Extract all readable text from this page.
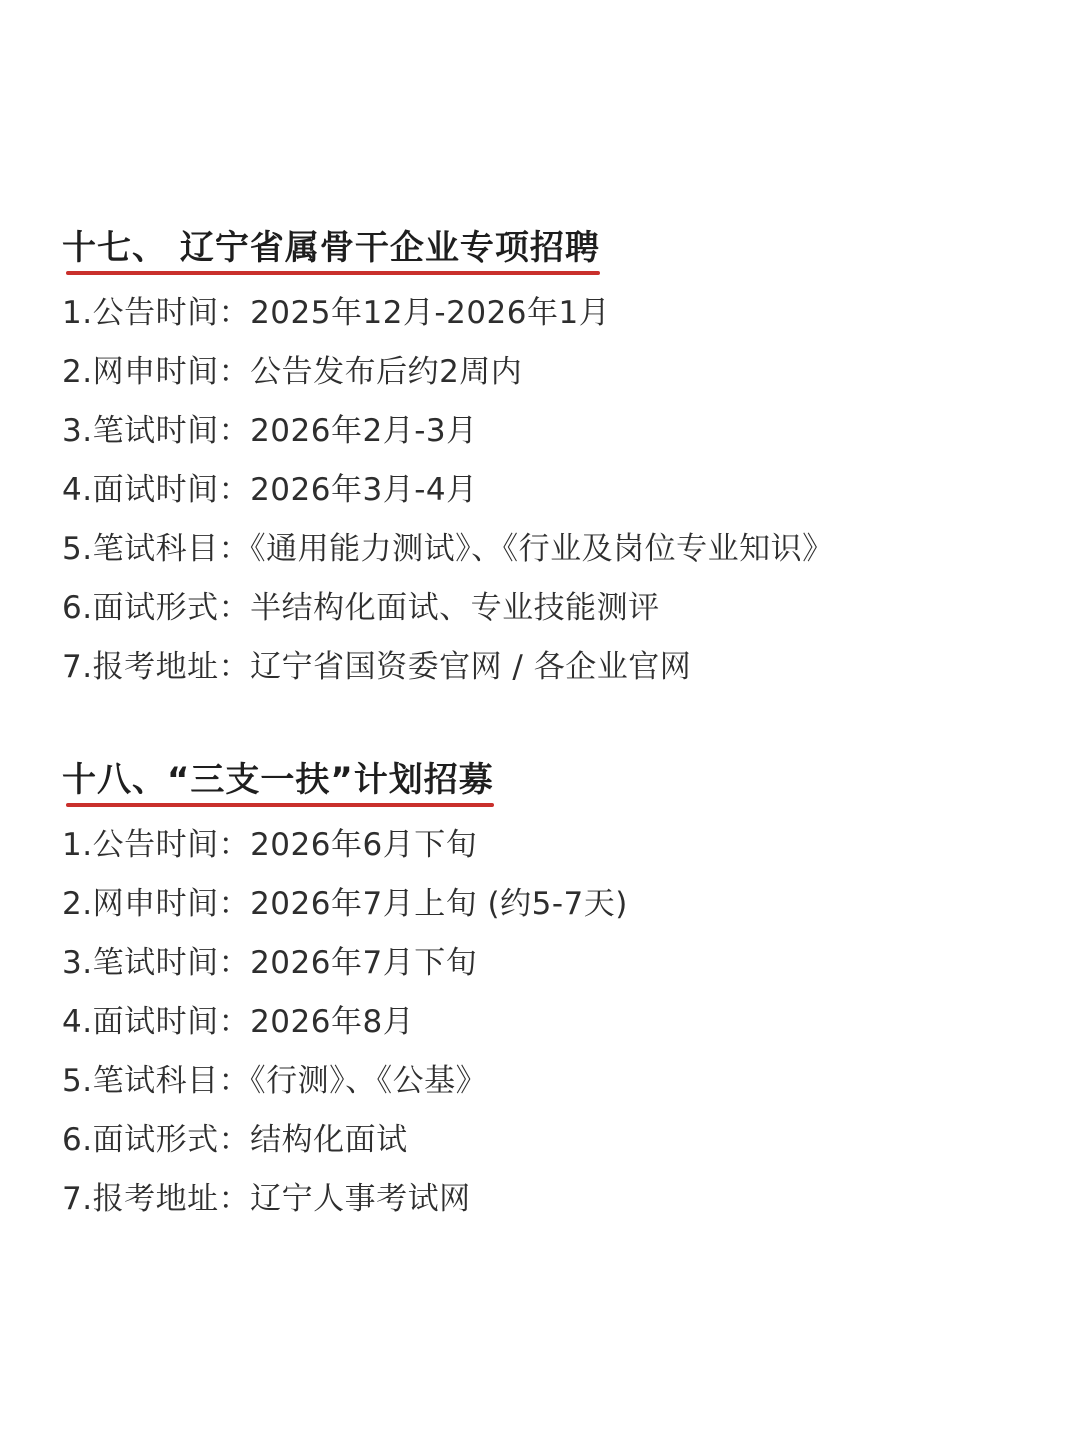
十七、 辽宁省属骨干企业专项招聘
1.公告时间：2025年12月-2026年1月
2.网申时间：公告发布后约2周内
3.笔试时间：2026年2月-3月
4.面试时间：2026年3月-4月
5.笔试科目：《通用能力测试》、《行业及岗位专业知识》
6.面试形式：半结构化面试、专业技能测评
7.报考地址：辽宁省国资委官网 / 各企业官网
十八、“三支一扶”计划招募
1.公告时间：2026年6月下旬
2.网申时间：2026年7月上旬 (约5-7天)
3.笔试时间：2026年7月下旬
4.面试时间：2026年8月
5.笔试科目：《行测》、《公基》
6.面试形式：结构化面试
7.报考地址：辽宁人事考试网
